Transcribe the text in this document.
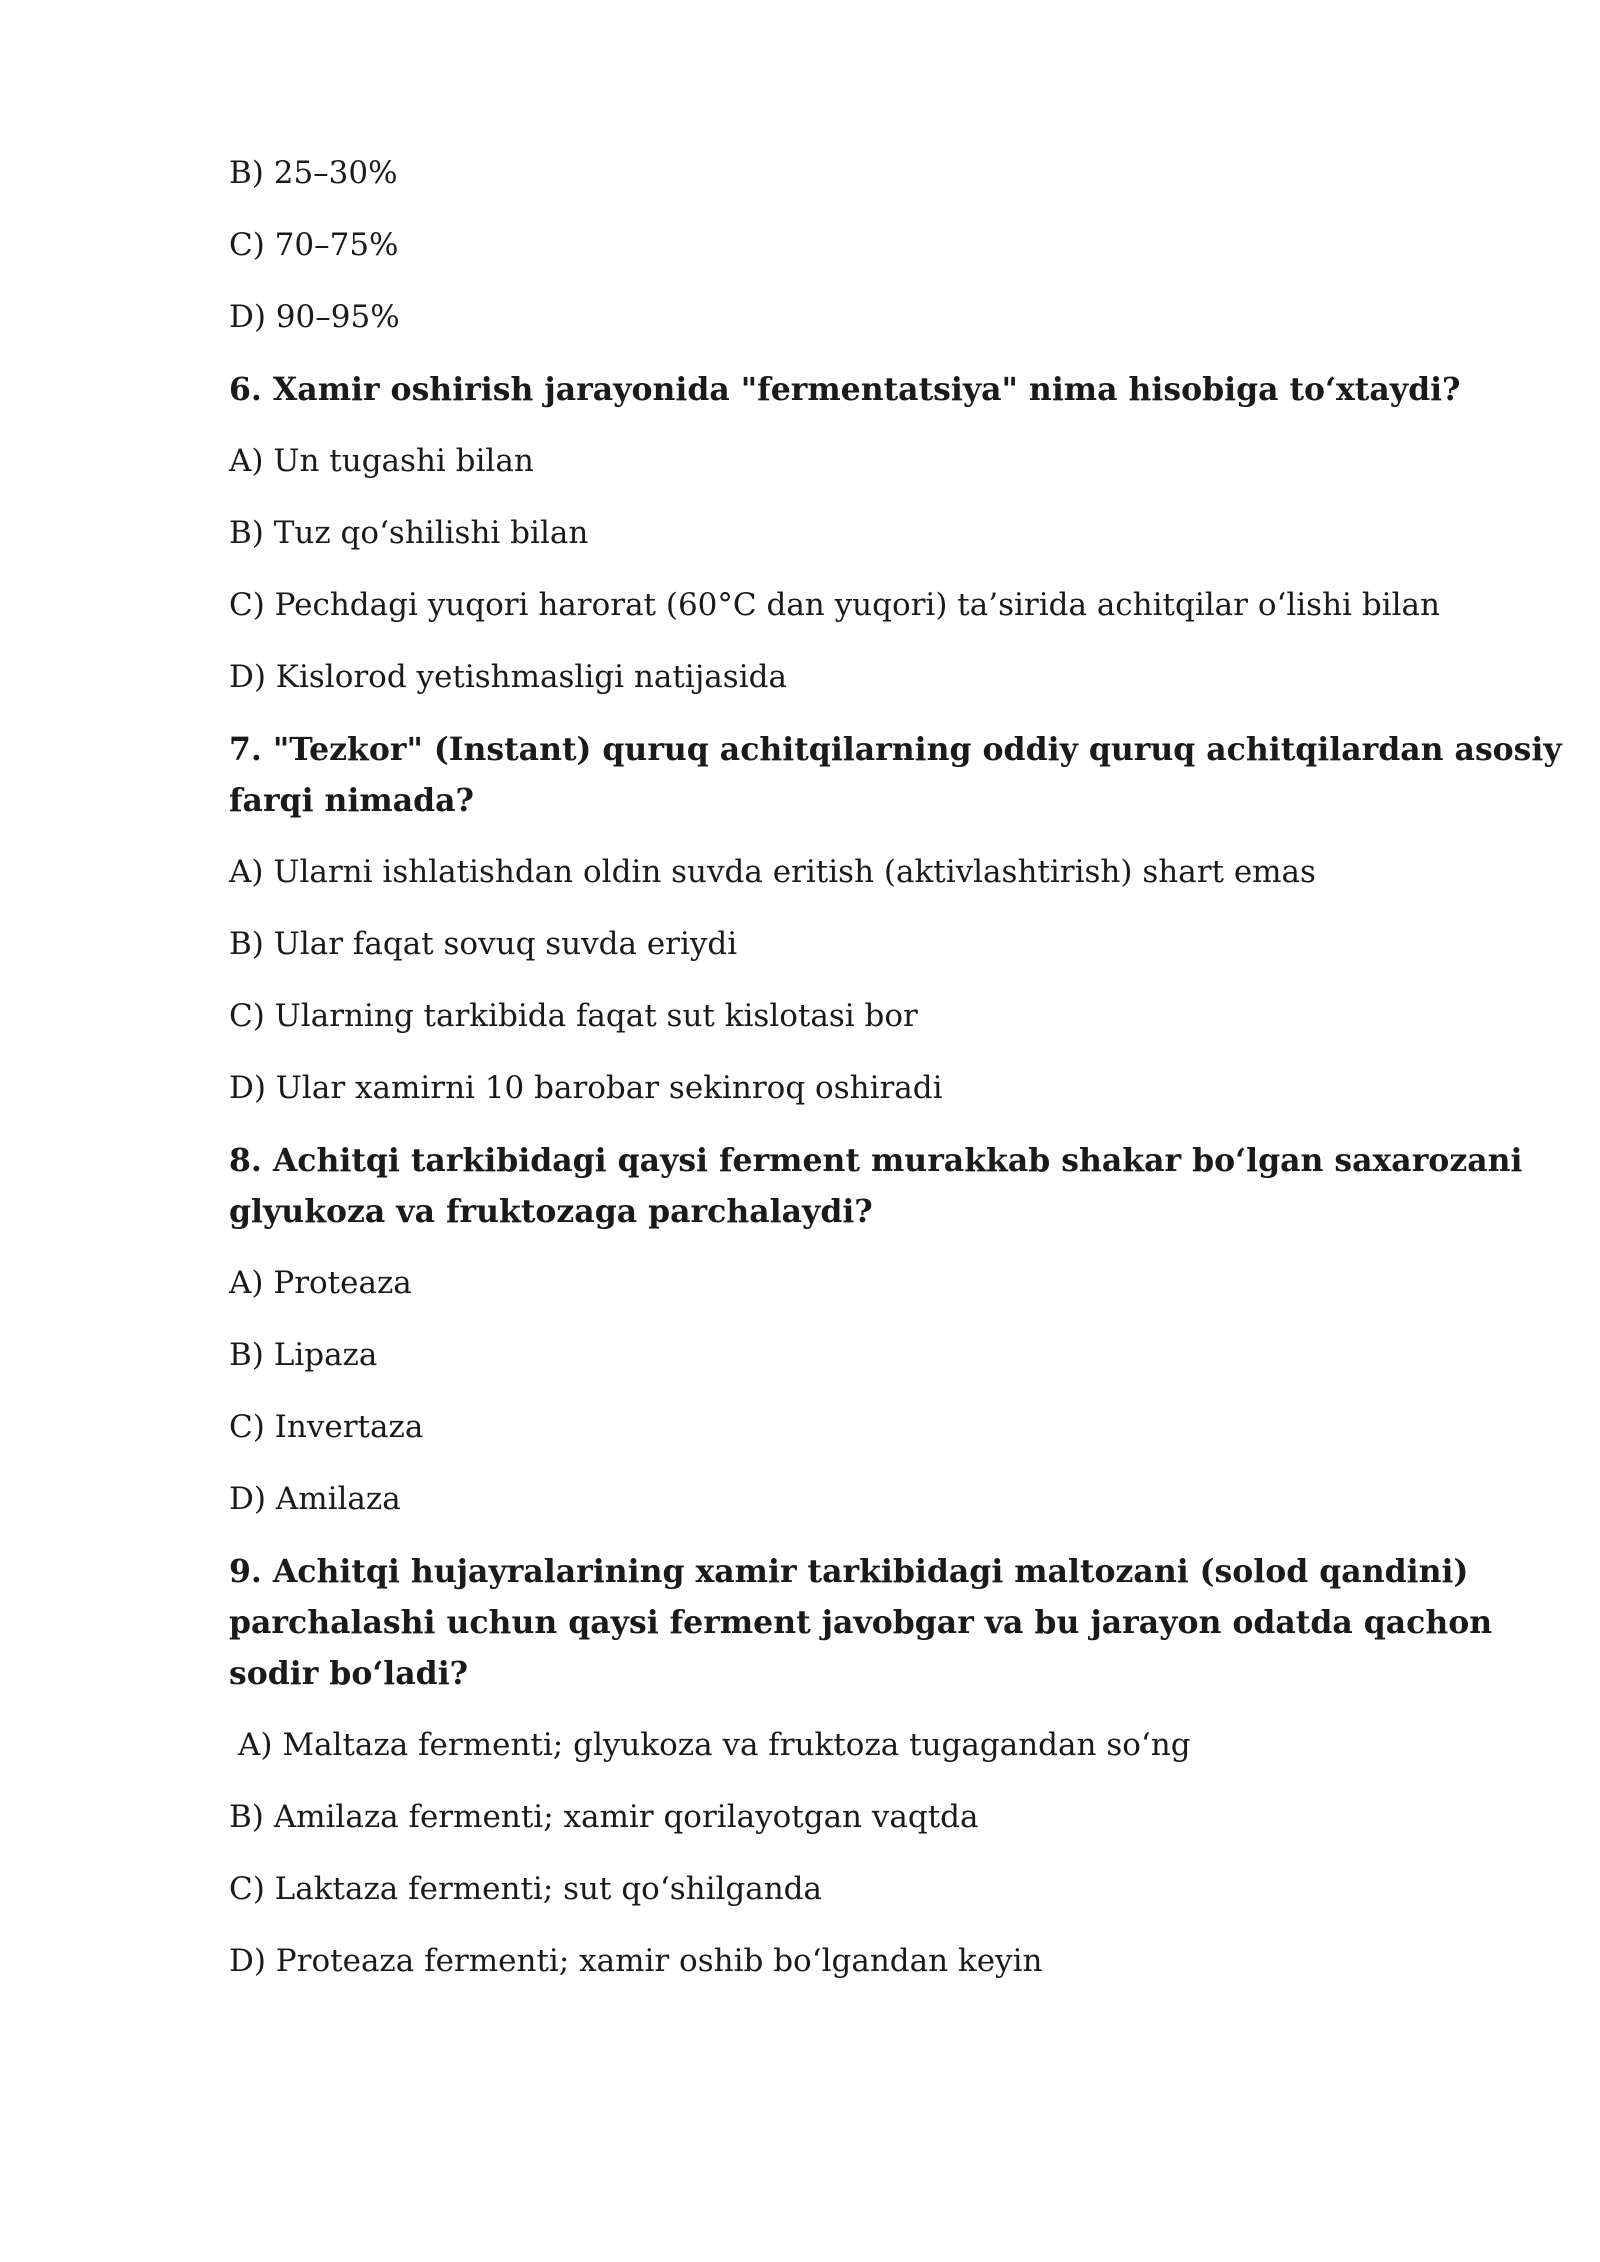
B) 25–30%
C) 70–75%
D) 90–95%
6. Xamir oshirish jarayonida "fermentatsiya" nima hisobiga to‘xtaydi?
A) Un tugashi bilan
B) Tuz qo‘shilishi bilan
C) Pechdagi yuqori harorat (60°C dan yuqori) ta’sirida achitqilar o‘lishi bilan
D) Kislorod yetishmasligi natijasida
7. "Tezkor" (Instant) quruq achitqilarning oddiy quruq achitqilardan asosiy
farqi nimada?
A) Ularni ishlatishdan oldin suvda eritish (aktivlashtirish) shart emas
B) Ular faqat sovuq suvda eriydi
C) Ularning tarkibida faqat sut kislotasi bor
D) Ular xamirni 10 barobar sekinroq oshiradi
8. Achitqi tarkibidagi qaysi ferment murakkab shakar bo‘lgan saxarozani
glyukoza va fruktozaga parchalaydi?
A) Proteaza
B) Lipaza
C) Invertaza
D) Amilaza
9. Achitqi hujayralarining xamir tarkibidagi maltozani (solod qandini)
parchalashi uchun qaysi ferment javobgar va bu jarayon odatda qachon
sodir bo‘ladi?
A) Maltaza fermenti; glyukoza va fruktoza tugagandan so‘ng
B) Amilaza fermenti; xamir qorilayotgan vaqtda
C) Laktaza fermenti; sut qo‘shilganda
D) Proteaza fermenti; xamir oshib bo‘lgandan keyin
